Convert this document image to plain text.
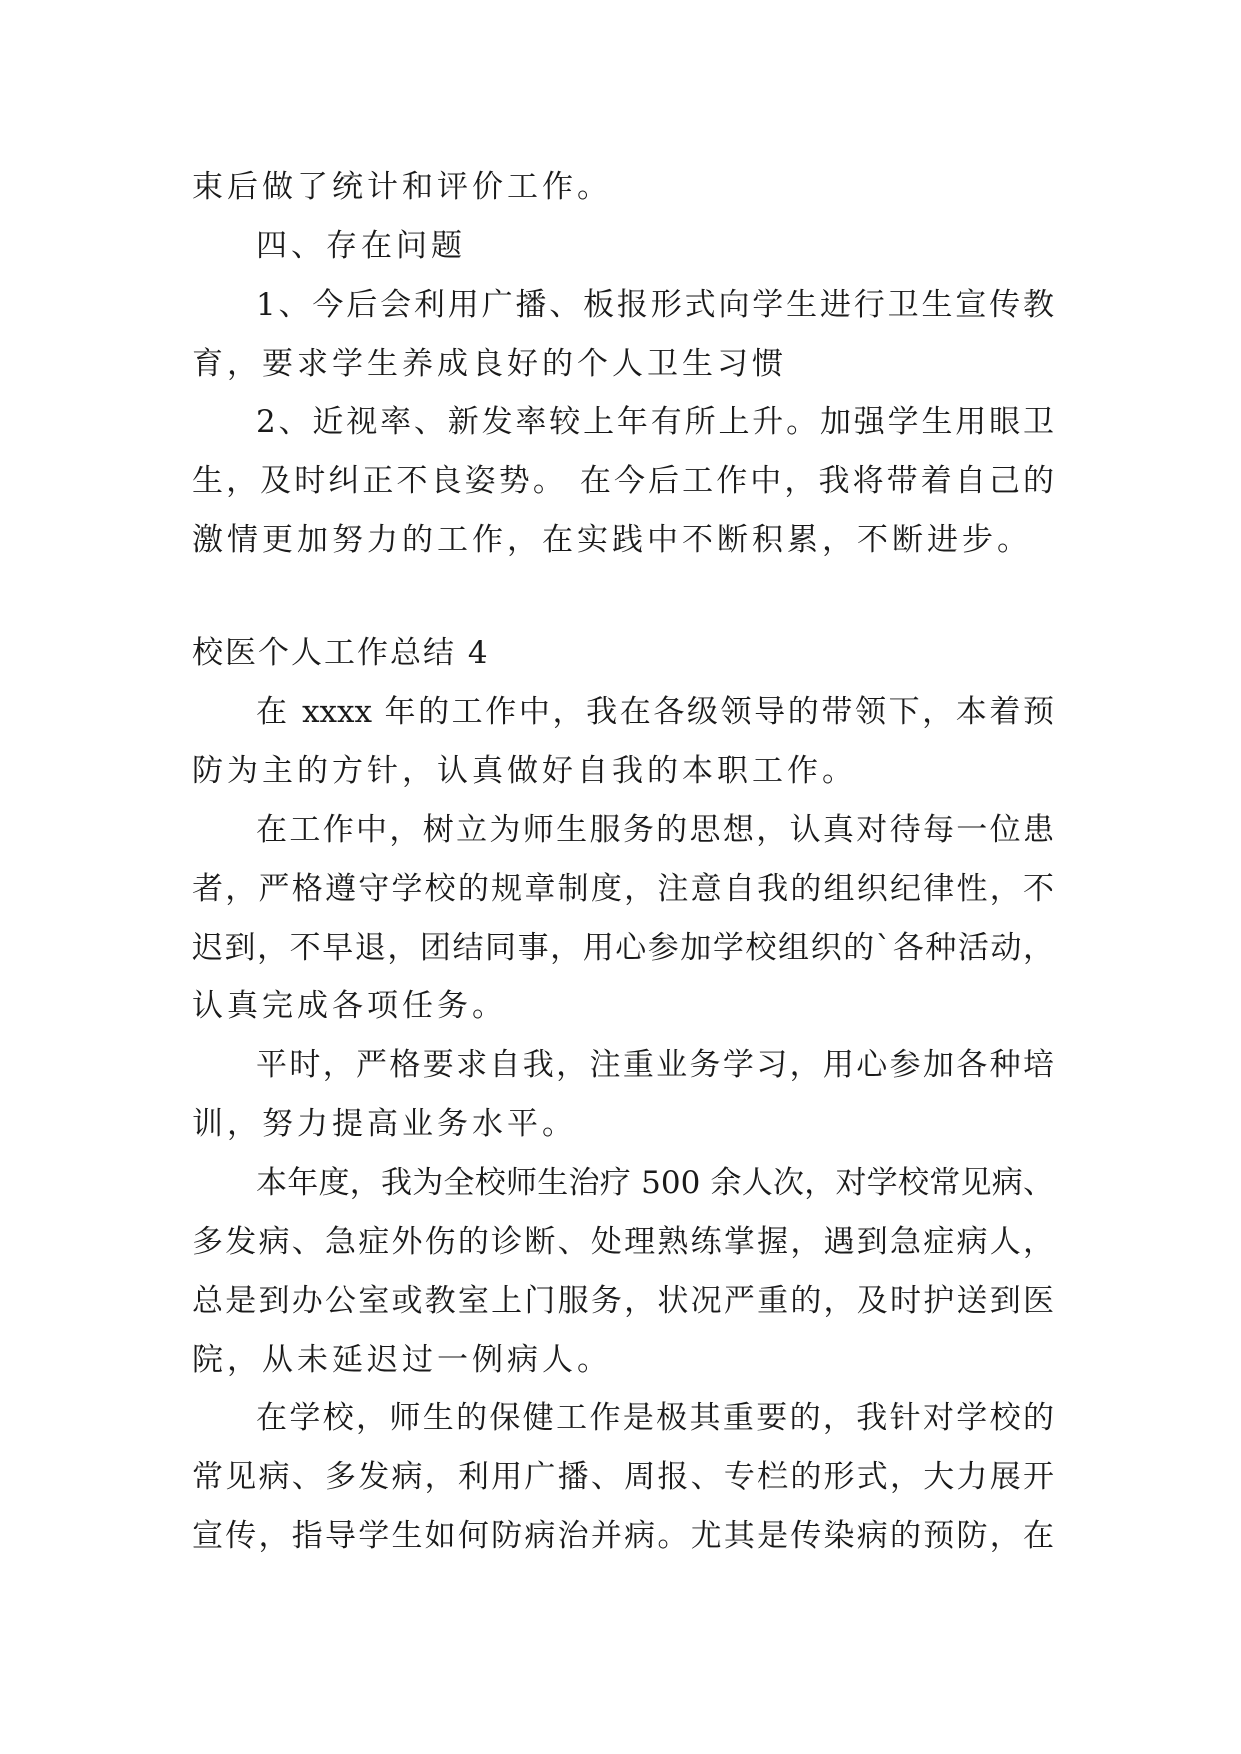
束后做了统计和评价工作。
四、存在问题
1、今后会利用广播、板报形式向学生进行卫生宣传教
育，要求学生养成良好的个人卫生习惯
2、近视率、新发率较上年有所上升。加强学生用眼卫
生，及时纠正不良姿势。 在今后工作中，我将带着自己的
激情更加努力的工作，在实践中不断积累，不断进步。
校医个人工作总结 4
在 xxxx 年的工作中，我在各级领导的带领下，本着预
防为主的方针，认真做好自我的本职工作。
在工作中，树立为师生服务的思想，认真对待每一位患
者，严格遵守学校的规章制度，注意自我的组织纪律性，不
迟到，不早退，团结同事，用心参加学校组织的`各种活动，
认真完成各项任务。
平时，严格要求自我，注重业务学习，用心参加各种培
训，努力提高业务水平。
本年度，我为全校师生治疗 500 余人次，对学校常见病、
多发病、急症外伤的诊断、处理熟练掌握，遇到急症病人，
总是到办公室或教室上门服务，状况严重的，及时护送到医
院，从未延迟过一例病人。
在学校，师生的保健工作是极其重要的，我针对学校的
常见病、多发病，利用广播、周报、专栏的形式，大力展开
宣传，指导学生如何防病治并病。尤其是传染病的预防，在
